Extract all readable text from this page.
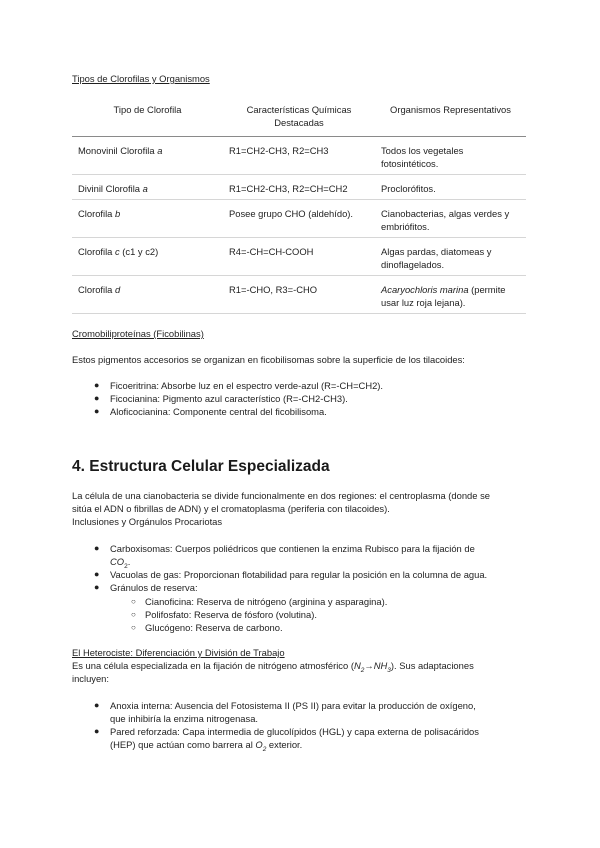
Tipos de Clorofilas y Organismos
Tipo de Clorofila	Características Químicas Destacadas	Organismos Representativos
Monovinil Clorofila a	R1=CH2-CH3, R2=CH3	Todos los vegetales fotosintéticos.
Divinil Clorofila a	R1=CH2-CH3, R2=CH=CH2	Proclorófitos.
Clorofila b	Posee grupo CHO (aldehído).	Cianobacterias, algas verdes y embriófitos.
Clorofila c (c1 y c2)	R4=-CH=CH-COOH	Algas pardas, diatomeas y dinoflagelados.
Clorofila d	R1=-CHO, R3=-CHO	Acaryochloris marina (permite usar luz roja lejana).
Cromobiliproteínas (Ficobilinas)
Estos pigmentos accesorios se organizan en ficobilisomas sobre la superficie de los tilacoides:
● Ficoeritrina: Absorbe luz en el espectro verde-azul (R=-CH=CH2).
● Ficocianina: Pigmento azul característico (R=-CH2-CH3).
● Aloficocianina: Componente central del ficobilisoma.
4. Estructura Celular Especializada
La célula de una cianobacteria se divide funcionalmente en dos regiones: el centroplasma (donde se
sitúa el ADN o fibrillas de ADN) y el cromatoplasma (periferia con tilacoides).
Inclusiones y Orgánulos Procariotas
● Carboxisomas: Cuerpos poliédricos que contienen la enzima Rubisco para la fijación de
$CO_2$.
● Vacuolas de gas: Proporcionan flotabilidad para regular la posición en la columna de agua.
● Gránulos de reserva:
○ Cianoficina: Reserva de nitrógeno (arginina y asparagina).
○ Polifosfato: Reserva de fósforo (volutina).
○ Glucógeno: Reserva de carbono.
El Heterociste: Diferenciación y División de Trabajo
Es una célula especializada en la fijación de nitrógeno atmosférico $(N_2\to NH_3)$. Sus adaptaciones
incluyen:
● Anoxia interna: Ausencia del Fotosistema II (PS II) para evitar la producción de oxígeno,
que inhibiría la enzima nitrogenasa.
● Pared reforzada: Capa intermedia de glucolípidos (HGL) y capa externa de polisacáridos
(HEP) que actúan como barrera al $O_2$ exterior.
